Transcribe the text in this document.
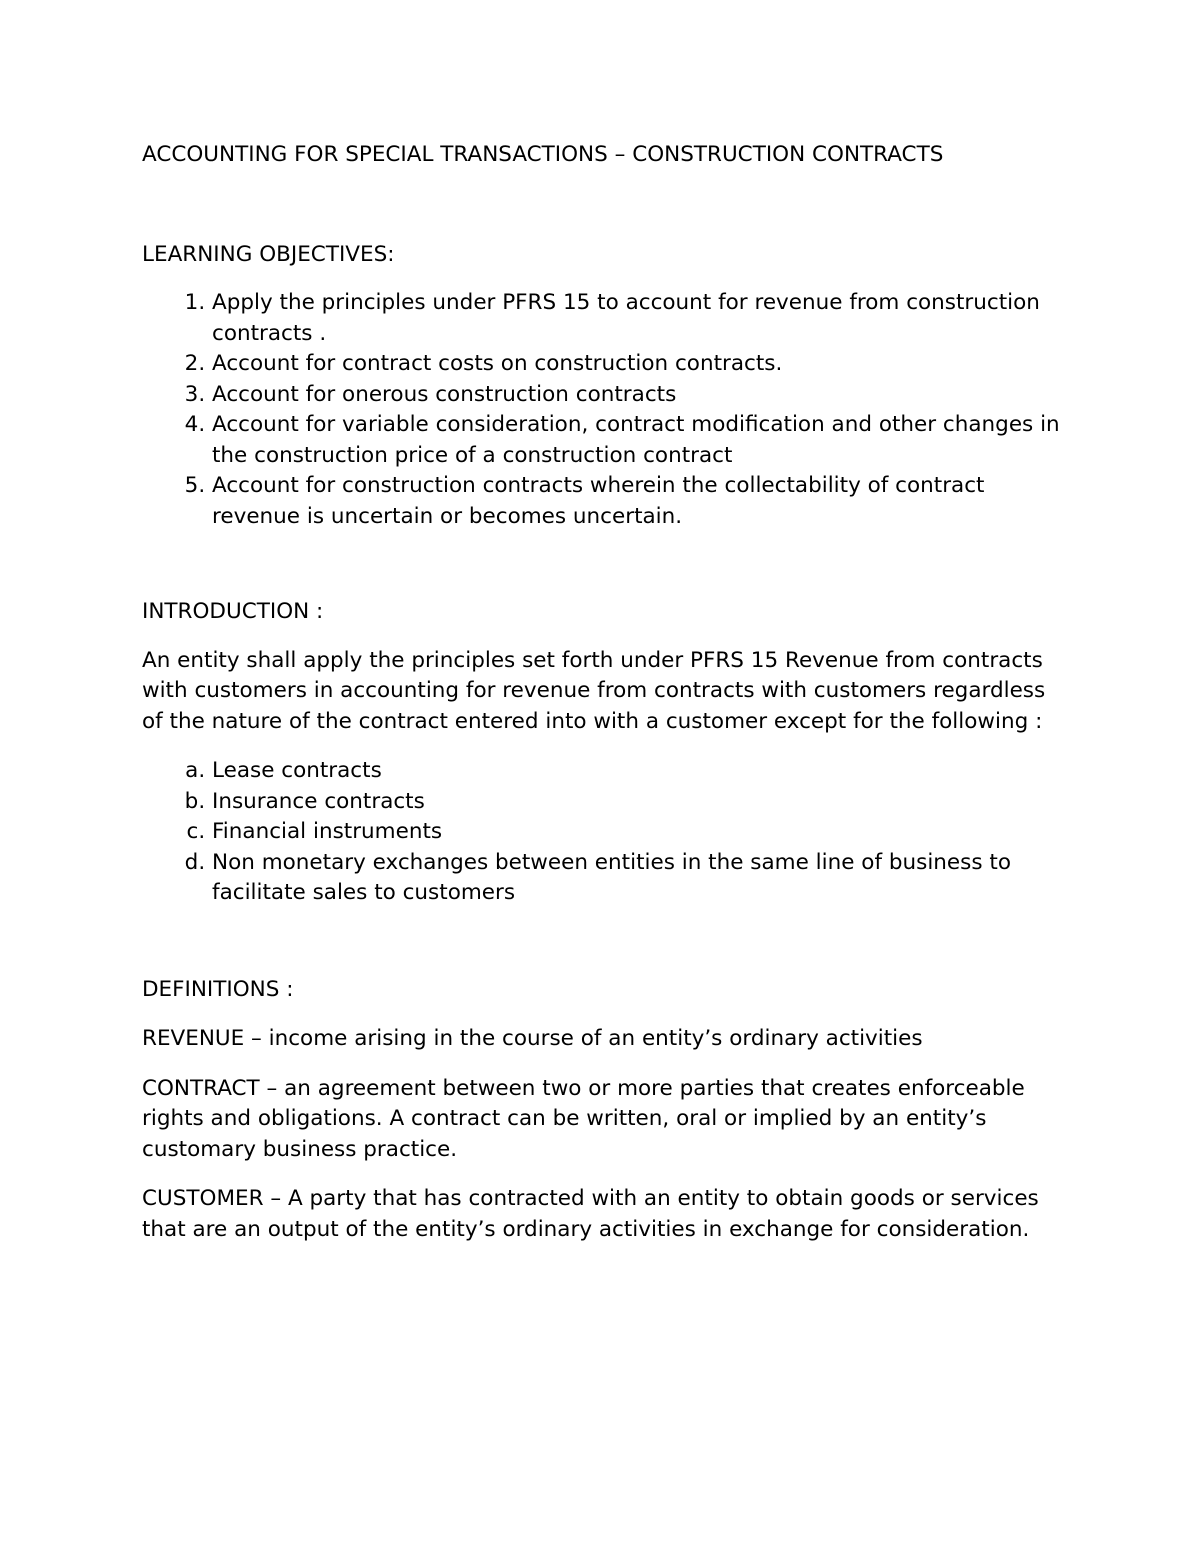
ACCOUNTING FOR SPECIAL TRANSACTIONS – CONSTRUCTION CONTRACTS

LEARNING OBJECTIVES:

1. Apply the principles under PFRS 15 to account for revenue from construction contracts .
2. Account for contract costs on construction contracts.
3. Account for onerous construction contracts
4. Account for variable consideration, contract modification and other changes in the construction price of a construction contract
5. Account for construction contracts wherein the collectability of contract revenue is uncertain or becomes uncertain.

INTRODUCTION :

An entity shall apply the principles set forth under PFRS 15 Revenue from contracts with customers in accounting for revenue from contracts with customers regardless of the nature of the contract entered into with a customer except for the following :

a. Lease contracts
b. Insurance contracts
c. Financial instruments
d. Non monetary exchanges between entities in the same line of business to facilitate sales to customers

DEFINITIONS :

REVENUE – income arising in the course of an entity’s ordinary activities

CONTRACT – an agreement between two or more parties that creates enforceable rights and obligations. A contract can be written, oral or implied by an entity’s customary business practice.

CUSTOMER – A party that has contracted with an entity to obtain goods or services that are an output of the entity’s ordinary activities in exchange for consideration.
